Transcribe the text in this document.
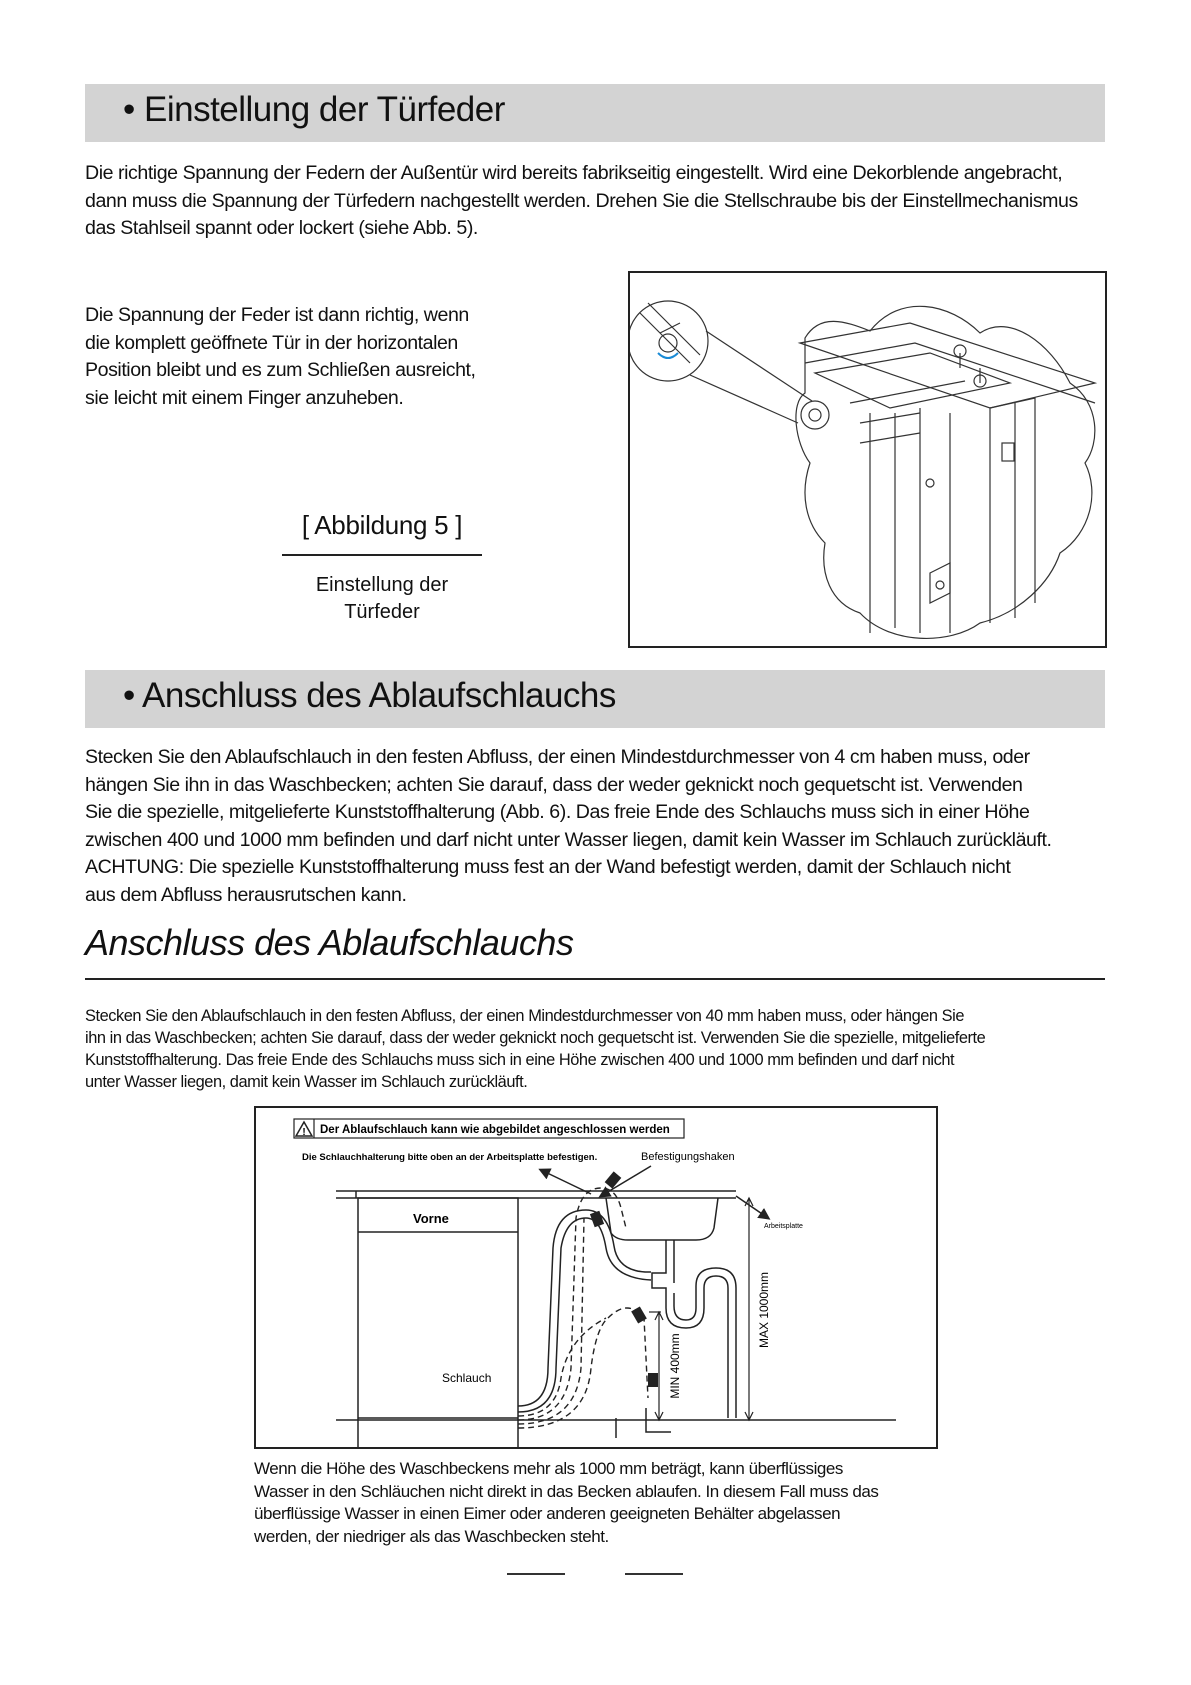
• Einstellung der Türfeder

Die richtige Spannung der Federn der Außentür wird bereits fabrikseitig eingestellt. Wird eine Dekorblende angebracht,
dann muss die Spannung der Türfedern nachgestellt werden. Drehen Sie die Stellschraube bis der Einstellmechanismus
das Stahlseil spannt oder lockert (siehe Abb. 5).

Die Spannung der Feder ist dann richtig, wenn
die komplett geöffnete Tür in der horizontalen
Position bleibt und es zum Schließen ausreicht,
sie leicht mit einem Finger anzuheben.

[ Abbildung 5 ]
Einstellung der
Türfeder
• Anschluss des Ablaufschlauchs

Stecken Sie den Ablaufschlauch in den festen Abfluss, der einen Mindestdurchmesser von 4 cm haben muss, oder
hängen Sie ihn in das Waschbecken; achten Sie darauf, dass der weder geknickt noch gequetscht ist. Verwenden
Sie die spezielle, mitgelieferte Kunststoffhalterung (Abb. 6). Das freie Ende des Schlauchs muss sich in einer Höhe
zwischen 400 und 1000 mm befinden und darf nicht unter Wasser liegen, damit kein Wasser im Schlauch zurückläuft.
ACHTUNG: Die spezielle Kunststoffhalterung muss fest an der Wand befestigt werden, damit der Schlauch nicht
aus dem Abfluss herausrutschen kann.

Anschluss des Ablaufschlauchs

Stecken Sie den Ablaufschlauch in den festen Abfluss, der einen Mindestdurchmesser von 40 mm haben muss, oder hängen Sie
ihn in das Waschbecken; achten Sie darauf, dass der weder geknickt noch gequetscht ist. Verwenden Sie die spezielle, mitgelieferte
Kunststoffhalterung. Das freie Ende des Schlauchs muss sich in eine Höhe zwischen 400 und 1000 mm befinden und darf nicht
unter Wasser liegen, damit kein Wasser im Schlauch zurückläuft.

! Der Ablaufschlauch kann wie abgebildet angeschlossen werden
Die Schlauchhalterung bitte oben an der Arbeitsplatte befestigen.	Befestigungshaken
Arbeitsplatte
MAX 1000mm
MIN 400mm
Vorne
Schlauch

Wenn die Höhe des Waschbeckens mehr als 1000 mm beträgt, kann überflüssiges
Wasser in den Schläuchen nicht direkt in das Becken ablaufen. In diesem Fall muss das
überflüssige Wasser in einen Eimer oder anderen geeigneten Behälter abgelassen
werden, der niedriger als das Waschbecken steht.
